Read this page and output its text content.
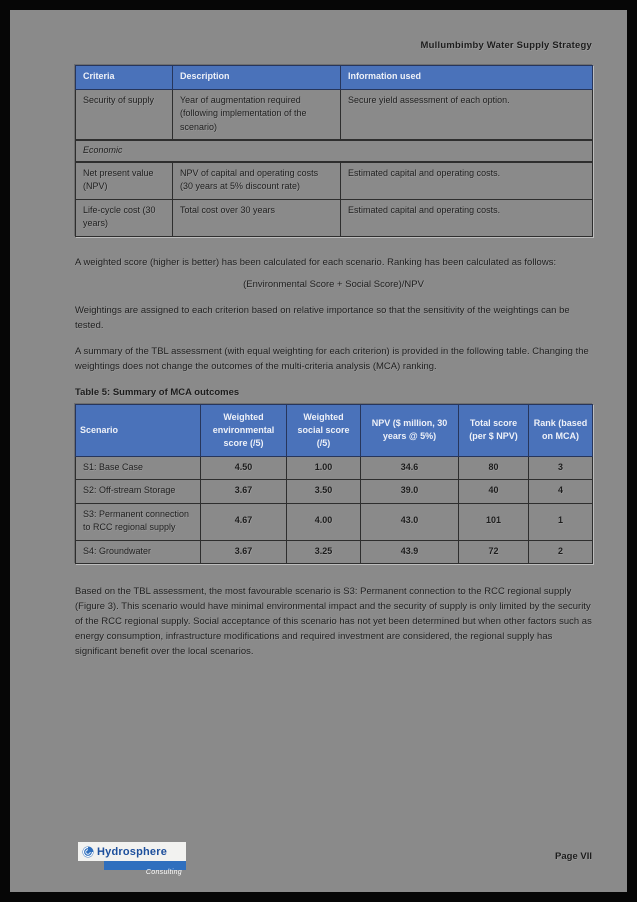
Mullumbimby Water Supply Strategy
Criteria	Description	Information used
Security of supply	Year of augmentation required (following implementation of the scenario)	Secure yield assessment of each option.
Economic		
Net present value (NPV)	NPV of capital and operating costs (30 years at 5% discount rate)	Estimated capital and operating costs.
Life-cycle cost (30 years)	Total cost over 30 years	Estimated capital and operating costs.

A weighted score (higher is better) has been calculated for each scenario. Ranking has been calculated as follows:

(Environmental Score + Social Score)/NPV

Weightings are assigned to each criterion based on relative importance so that the sensitivity of the weightings can be tested.

A summary of the TBL assessment (with equal weighting for each criterion) is provided in the following table. Changing the weightings does not change the outcomes of the multi-criteria analysis (MCA) ranking.

Table 5: Summary of MCA outcomes
Scenario	Weighted environmental score (/5)	Weighted social score (/5)	NPV ($ million, 30 years @ 5%)	Total score (per $ NPV)	Rank (based on MCA)
S1: Base Case	4.50	1.00	34.6	80	3
S2: Off-stream Storage	3.67	3.50	39.0	40	4
S3: Permanent connection to RCC regional supply	4.67	4.00	43.0	101	1
S4: Groundwater	3.67	3.25	43.9	72	2

Based on the TBL assessment, the most favourable scenario is S3: Permanent connection to the RCC regional supply (Figure 3). This scenario would have minimal environmental impact and the security of supply is only limited by the security of the RCC regional supply. Social acceptance of this scenario has not yet been determined but when other factors such as energy consumption, infrastructure modifications and required investment are considered, the regional supply has significant benefit over the local scenarios.

Hydrosphere
Consulting
Page VII
